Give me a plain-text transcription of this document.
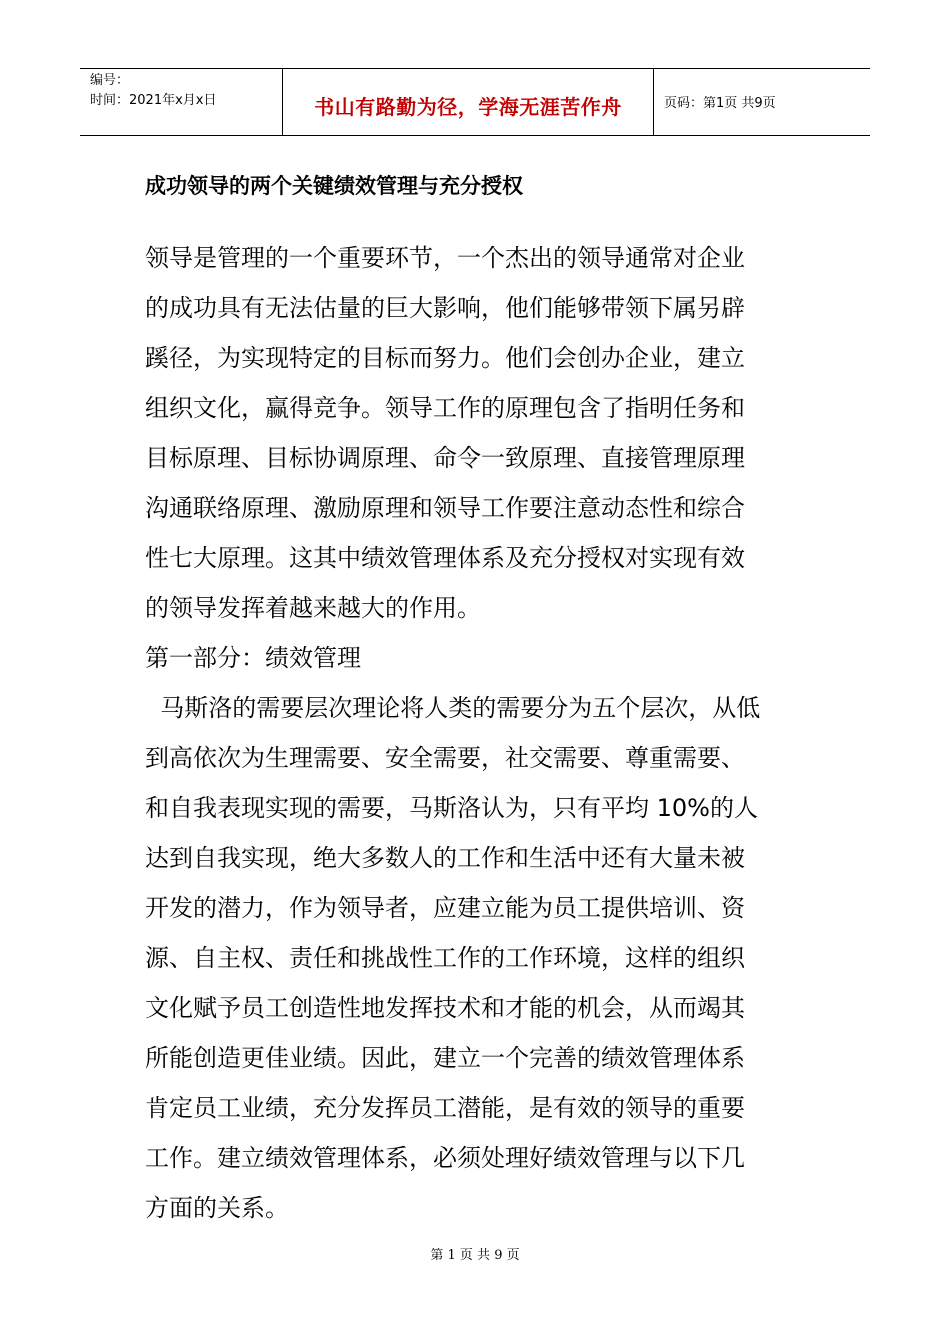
编号：
时间：2021年x月x日	书山有路勤为径，学海无涯苦作舟	页码：第1页 共9页
成功领导的两个关键绩效管理与充分授权
领导是管理的一个重要环节，一个杰出的领导通常对企业
的成功具有无法估量的巨大影响，他们能够带领下属另辟
蹊径，为实现特定的目标而努力。他们会创办企业，建立
组织文化，赢得竞争。领导工作的原理包含了指明任务和
目标原理、目标协调原理、命令一致原理、直接管理原理
沟通联络原理、激励原理和领导工作要注意动态性和综合
性七大原理。这其中绩效管理体系及充分授权对实现有效
的领导发挥着越来越大的作用。
第一部分：绩效管理
马斯洛的需要层次理论将人类的需要分为五个层次，从低
到高依次为生理需要、安全需要，社交需要、尊重需要、
和自我表现实现的需要，马斯洛认为，只有平均 10%的人
达到自我实现，绝大多数人的工作和生活中还有大量未被
开发的潜力，作为领导者，应建立能为员工提供培训、资
源、自主权、责任和挑战性工作的工作环境，这样的组织
文化赋予员工创造性地发挥技术和才能的机会，从而竭其
所能创造更佳业绩。因此，建立一个完善的绩效管理体系
肯定员工业绩，充分发挥员工潜能，是有效的领导的重要
工作。建立绩效管理体系，必须处理好绩效管理与以下几
方面的关系。
第 1 页 共 9 页
